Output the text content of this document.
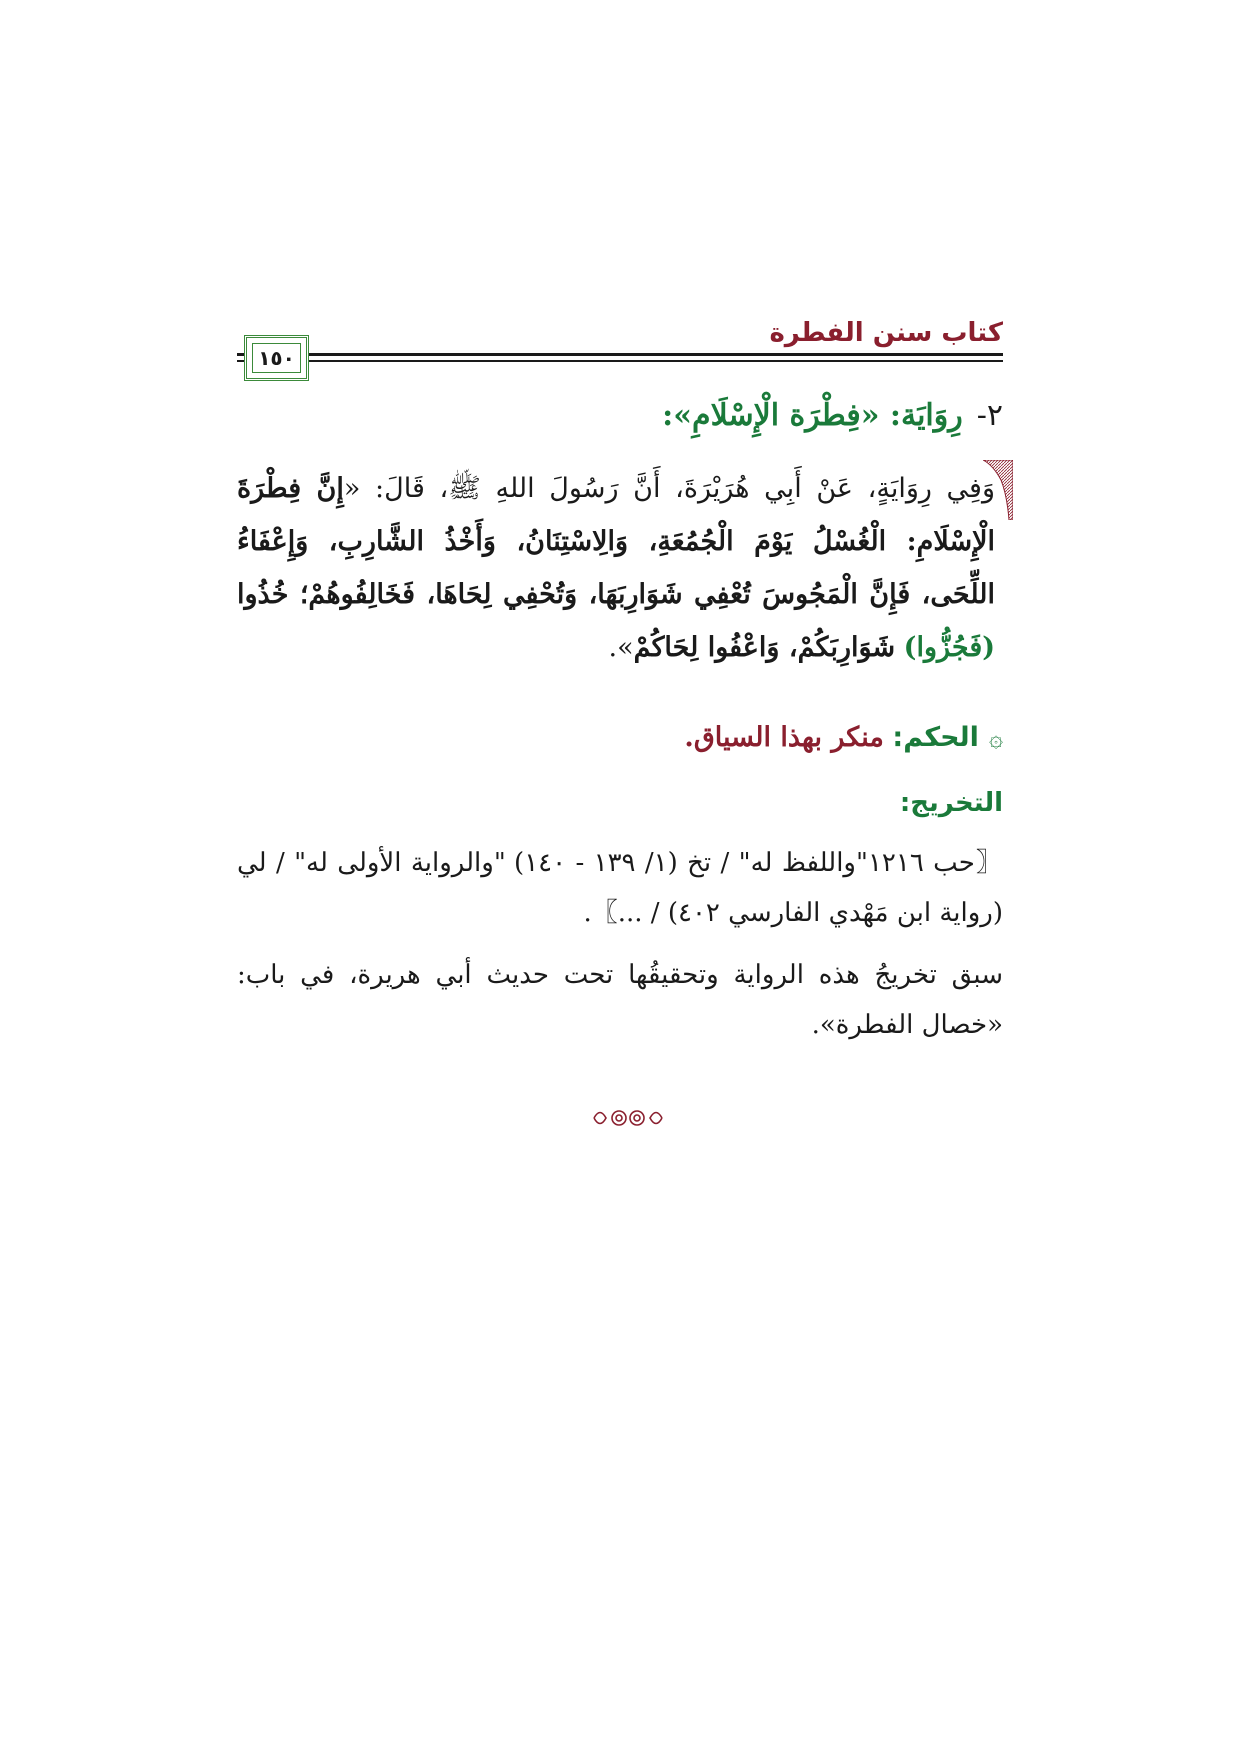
كتاب سنن الفطرة
١٥٠
٢-رِوَايَة: «فِطْرَة الْإِسْلَامِ»:
وَفِي رِوَايَةٍ، عَنْ أَبِي هُرَيْرَةَ، أَنَّ رَسُولَ اللهِ ﷺ، قَالَ: «إِنَّ فِطْرَةَ الْإِسْلَامِ: الْغُسْلُ يَوْمَ الْجُمُعَةِ، وَالِاسْتِنَانُ، وَأَخْذُ الشَّارِبِ، وَإِعْفَاءُ اللِّحَى، فَإِنَّ الْمَجُوسَ تُعْفِي شَوَارِبَهَا، وَتُحْفِي لِحَاهَا، فَخَالِفُوهُمْ؛ خُذُوا (فَجُزُّوا) شَوَارِبَكُمْ، وَاعْفُوا لِحَاكُمْ».
۞الحكم: منكر بهذا السياق.
التخريج:
〖حب ١٢١٦"واللفظ له" / تخ (١/ ١٣٩ - ١٤٠) "والرواية الأولى له" / لي (رواية ابن مَهْدي الفارسي ٤٠٢) / ...〗.
سبق تخريجُ هذه الرواية وتحقيقُها تحت حديث أبي هريرة، في باب: «خصال الفطرة».
